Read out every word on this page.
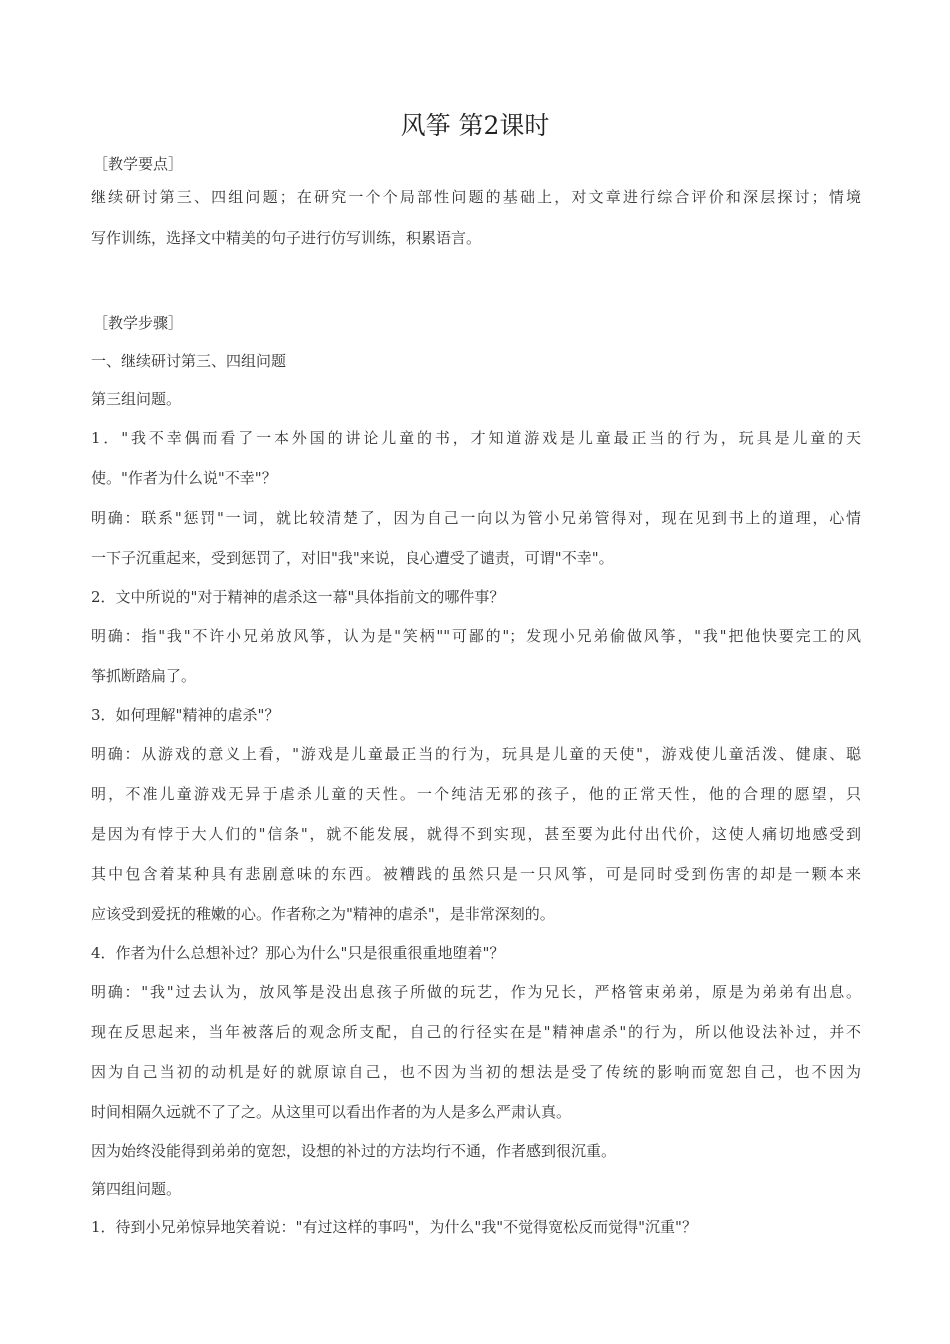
风筝 第2课时
［教学要点］
继续研讨第三、四组问题；在研究一个个局部性问题的基础上，对文章进行综合评价和深层探讨；情境
写作训练，选择文中精美的句子进行仿写训练，积累语言。
［教学步骤］
一、继续研讨第三、四组问题
第三组问题。
1．"我不幸偶而看了一本外国的讲论儿童的书，才知道游戏是儿童最正当的行为，玩具是儿童的天
使。"作者为什么说"不幸"？
明确：联系"惩罚"一词，就比较清楚了，因为自己一向以为管小兄弟管得对，现在见到书上的道理，心情
一下子沉重起来，受到惩罚了，对旧"我"来说，良心遭受了谴责，可谓"不幸"。
2．文中所说的"对于精神的虐杀这一幕"具体指前文的哪件事？
明确：指"我"不许小兄弟放风筝，认为是"笑柄""可鄙的"；发现小兄弟偷做风筝，"我"把他快要完工的风
筝抓断踏扁了。
3．如何理解"精神的虐杀"？
明确：从游戏的意义上看，"游戏是儿童最正当的行为，玩具是儿童的天使"，游戏使儿童活泼、健康、聪
明，不准儿童游戏无异于虐杀儿童的天性。一个纯洁无邪的孩子，他的正常天性，他的合理的愿望，只
是因为有悖于大人们的"信条"，就不能发展，就得不到实现，甚至要为此付出代价，这使人痛切地感受到
其中包含着某种具有悲剧意味的东西。被糟践的虽然只是一只风筝，可是同时受到伤害的却是一颗本来
应该受到爱抚的稚嫩的心。作者称之为"精神的虐杀"，是非常深刻的。
4．作者为什么总想补过？那心为什么"只是很重很重地堕着"？
明确："我"过去认为，放风筝是没出息孩子所做的玩艺，作为兄长，严格管束弟弟，原是为弟弟有出息。
现在反思起来，当年被落后的观念所支配，自己的行径实在是"精神虐杀"的行为，所以他设法补过，并不
因为自己当初的动机是好的就原谅自己，也不因为当初的想法是受了传统的影响而宽恕自己，也不因为
时间相隔久远就不了了之。从这里可以看出作者的为人是多么严肃认真。
因为始终没能得到弟弟的宽恕，设想的补过的方法均行不通，作者感到很沉重。
第四组问题。
1．待到小兄弟惊异地笑着说："有过这样的事吗"，为什么"我"不觉得宽松反而觉得"沉重"？
